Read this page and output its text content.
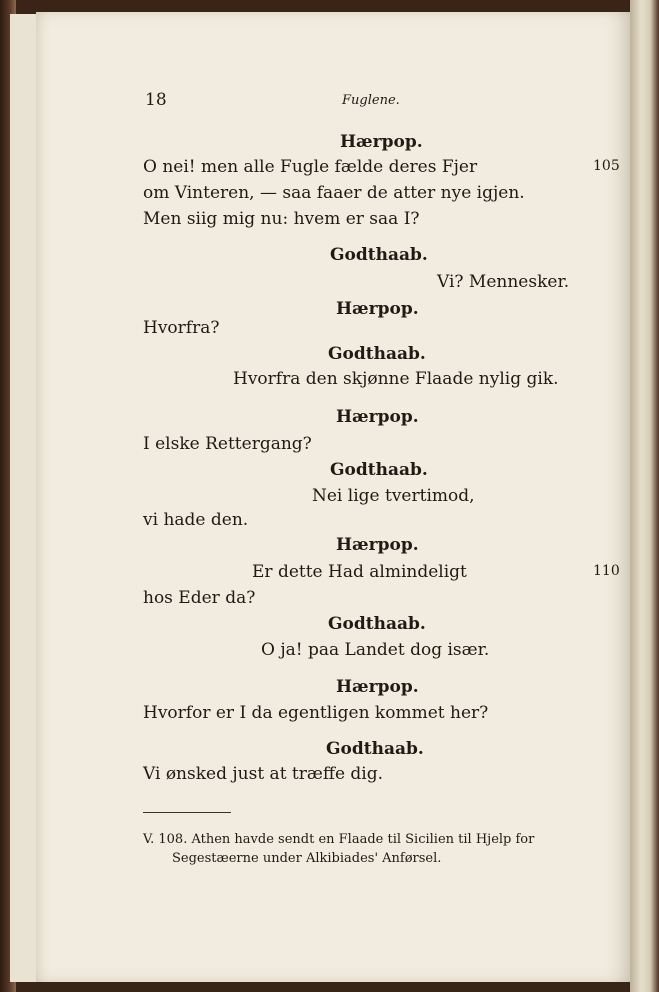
18	Fuglene.
Hærpop.
O nei! men alle Fugle fælde deres Fjer	105
om Vinteren, — saa faaer de atter nye igjen.
Men siig mig nu: hvem er saa I?
Godthaab.
Vi? Mennesker.
Hærpop.
Hvorfra?
Godthaab.
Hvorfra den skjønne Flaade nylig gik.
Hærpop.
I elske Rettergang?
Godthaab.
Nei lige tvertimod,
vi hade den.
Hærpop.
Er dette Had almindeligt	110
hos Eder da?
Godthaab.
O ja! paa Landet dog især.
Hærpop.
Hvorfor er I da egentligen kommet her?
Godthaab.
Vi ønsked just at træffe dig.
V. 108. Athen havde sendt en Flaade til Sicilien til Hjelp for
Segestæerne under Alkibiades' Anførsel.
